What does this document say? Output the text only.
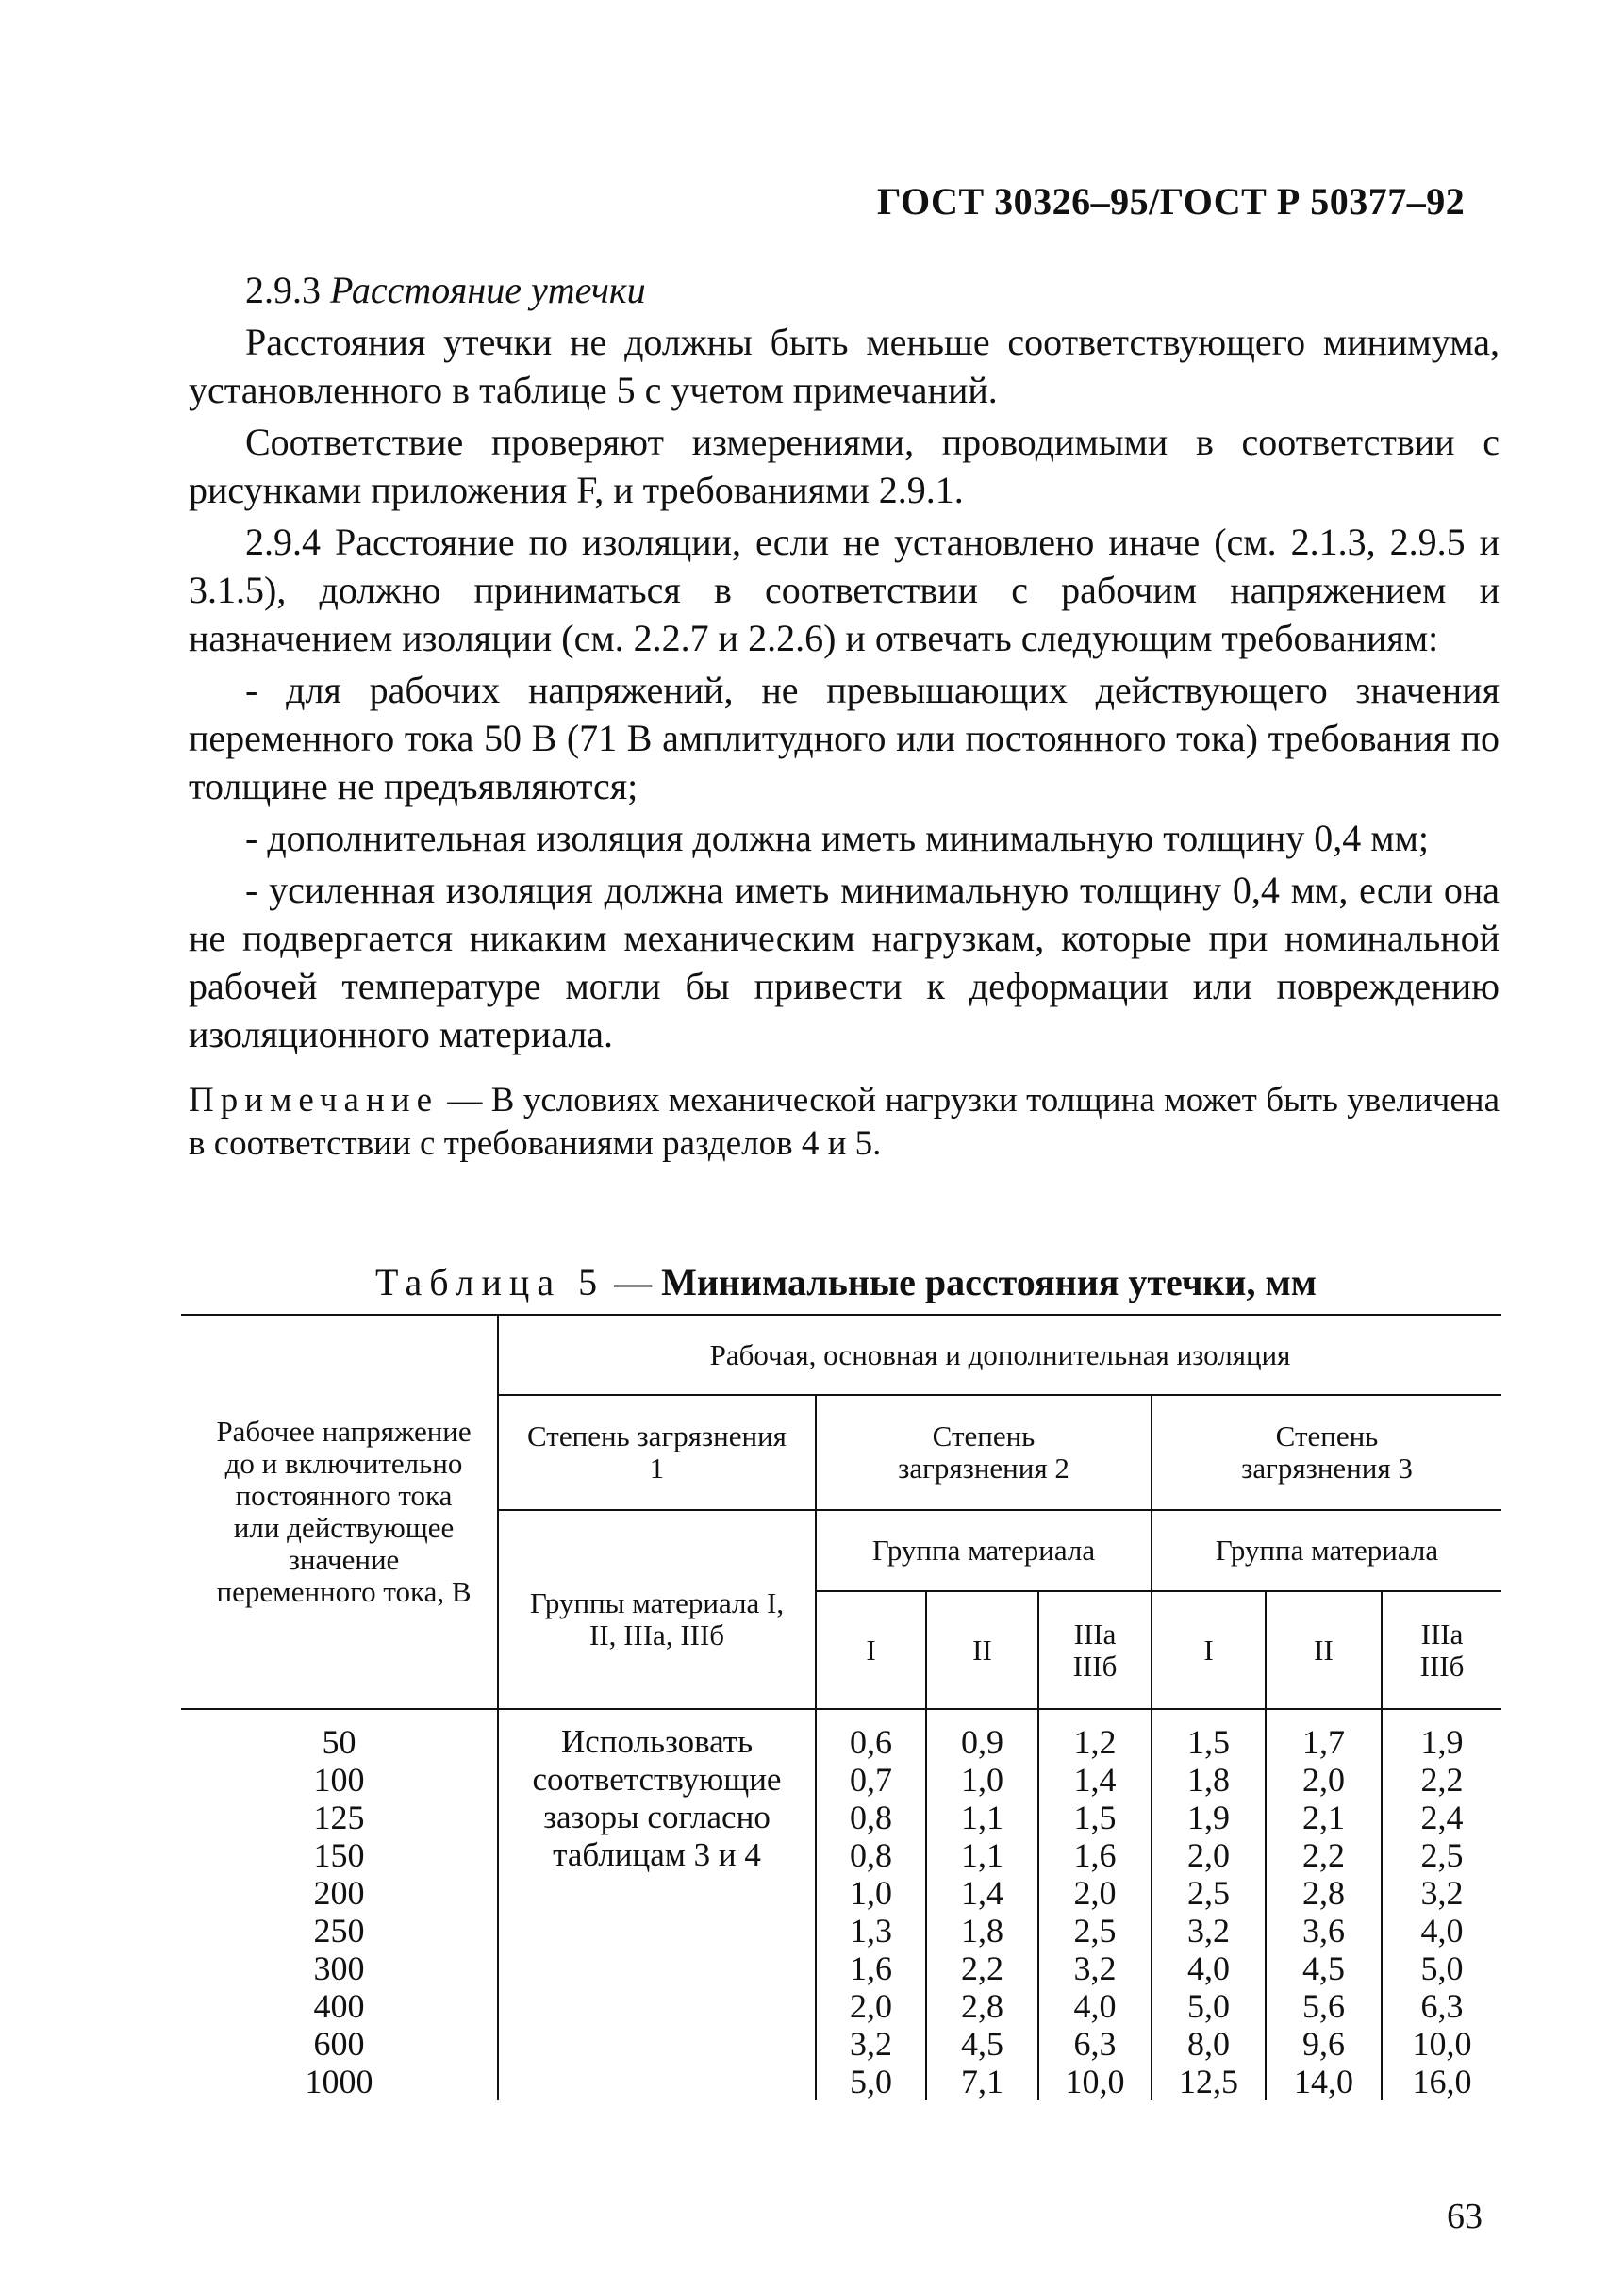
ГОСТ 30326–95/ГОСТ Р 50377–92

2.9.3 Расстояние утечки

Расстояния утечки не должны быть меньше соответствующего минимума, установленного в таблице 5 с учетом примечаний.

Соответствие проверяют измерениями, проводимыми в соответствии с рисунками приложения F, и требованиями 2.9.1.

2.9.4 Расстояние по изоляции, если не установлено иначе (см. 2.1.3, 2.9.5 и 3.1.5), должно приниматься в соответствии с рабочим напряжением и назначением изоляции (см. 2.2.7 и 2.2.6) и отвечать следующим требованиям:

- для рабочих напряжений, не превышающих действующего значения переменного тока 50 В (71 В амплитудного или постоянного тока) требования по толщине не предъявляются;

- дополнительная изоляция должна иметь минимальную толщину 0,4 мм;

- усиленная изоляция должна иметь минимальную толщину 0,4 мм, если она не подвергается никаким механическим нагрузкам, которые при номинальной рабочей температуре могли бы привести к деформации или повреждению изоляционного материала.

Примечание — В условиях механической нагрузки толщина может быть увеличена в соответствии с требованиями разделов 4 и 5.

Таблица 5 — Минимальные расстояния утечки, мм
Рабочее напряжение до и включительно постоянного тока или действующее значение переменного тока, В	Рабочая, основная и дополнительная изоляция						
	Степень загрязнения 1	Степень загрязнения 2			Степень загрязнения 3		
	Группы материала I, II, IIIа, IIIб	Группа материала			Группа материала		
		I	II	IIIа IIIб	I	II	IIIа IIIб
50	Использовать соответствующие зазоры согласно таблицам 3 и 4	0,6	0,9	1,2	1,5	1,7	1,9
100		0,7	1,0	1,4	1,8	2,0	2,2
125		0,8	1,1	1,5	1,9	2,1	2,4
150		0,8	1,1	1,6	2,0	2,2	2,5
200		1,0	1,4	2,0	2,5	2,8	3,2
250		1,3	1,8	2,5	3,2	3,6	4,0
300		1,6	2,2	3,2	4,0	4,5	5,0
400		2,0	2,8	4,0	5,0	5,6	6,3
600		3,2	4,5	6,3	8,0	9,6	10,0
1000		5,0	7,1	10,0	12,5	14,0	16,0
63
